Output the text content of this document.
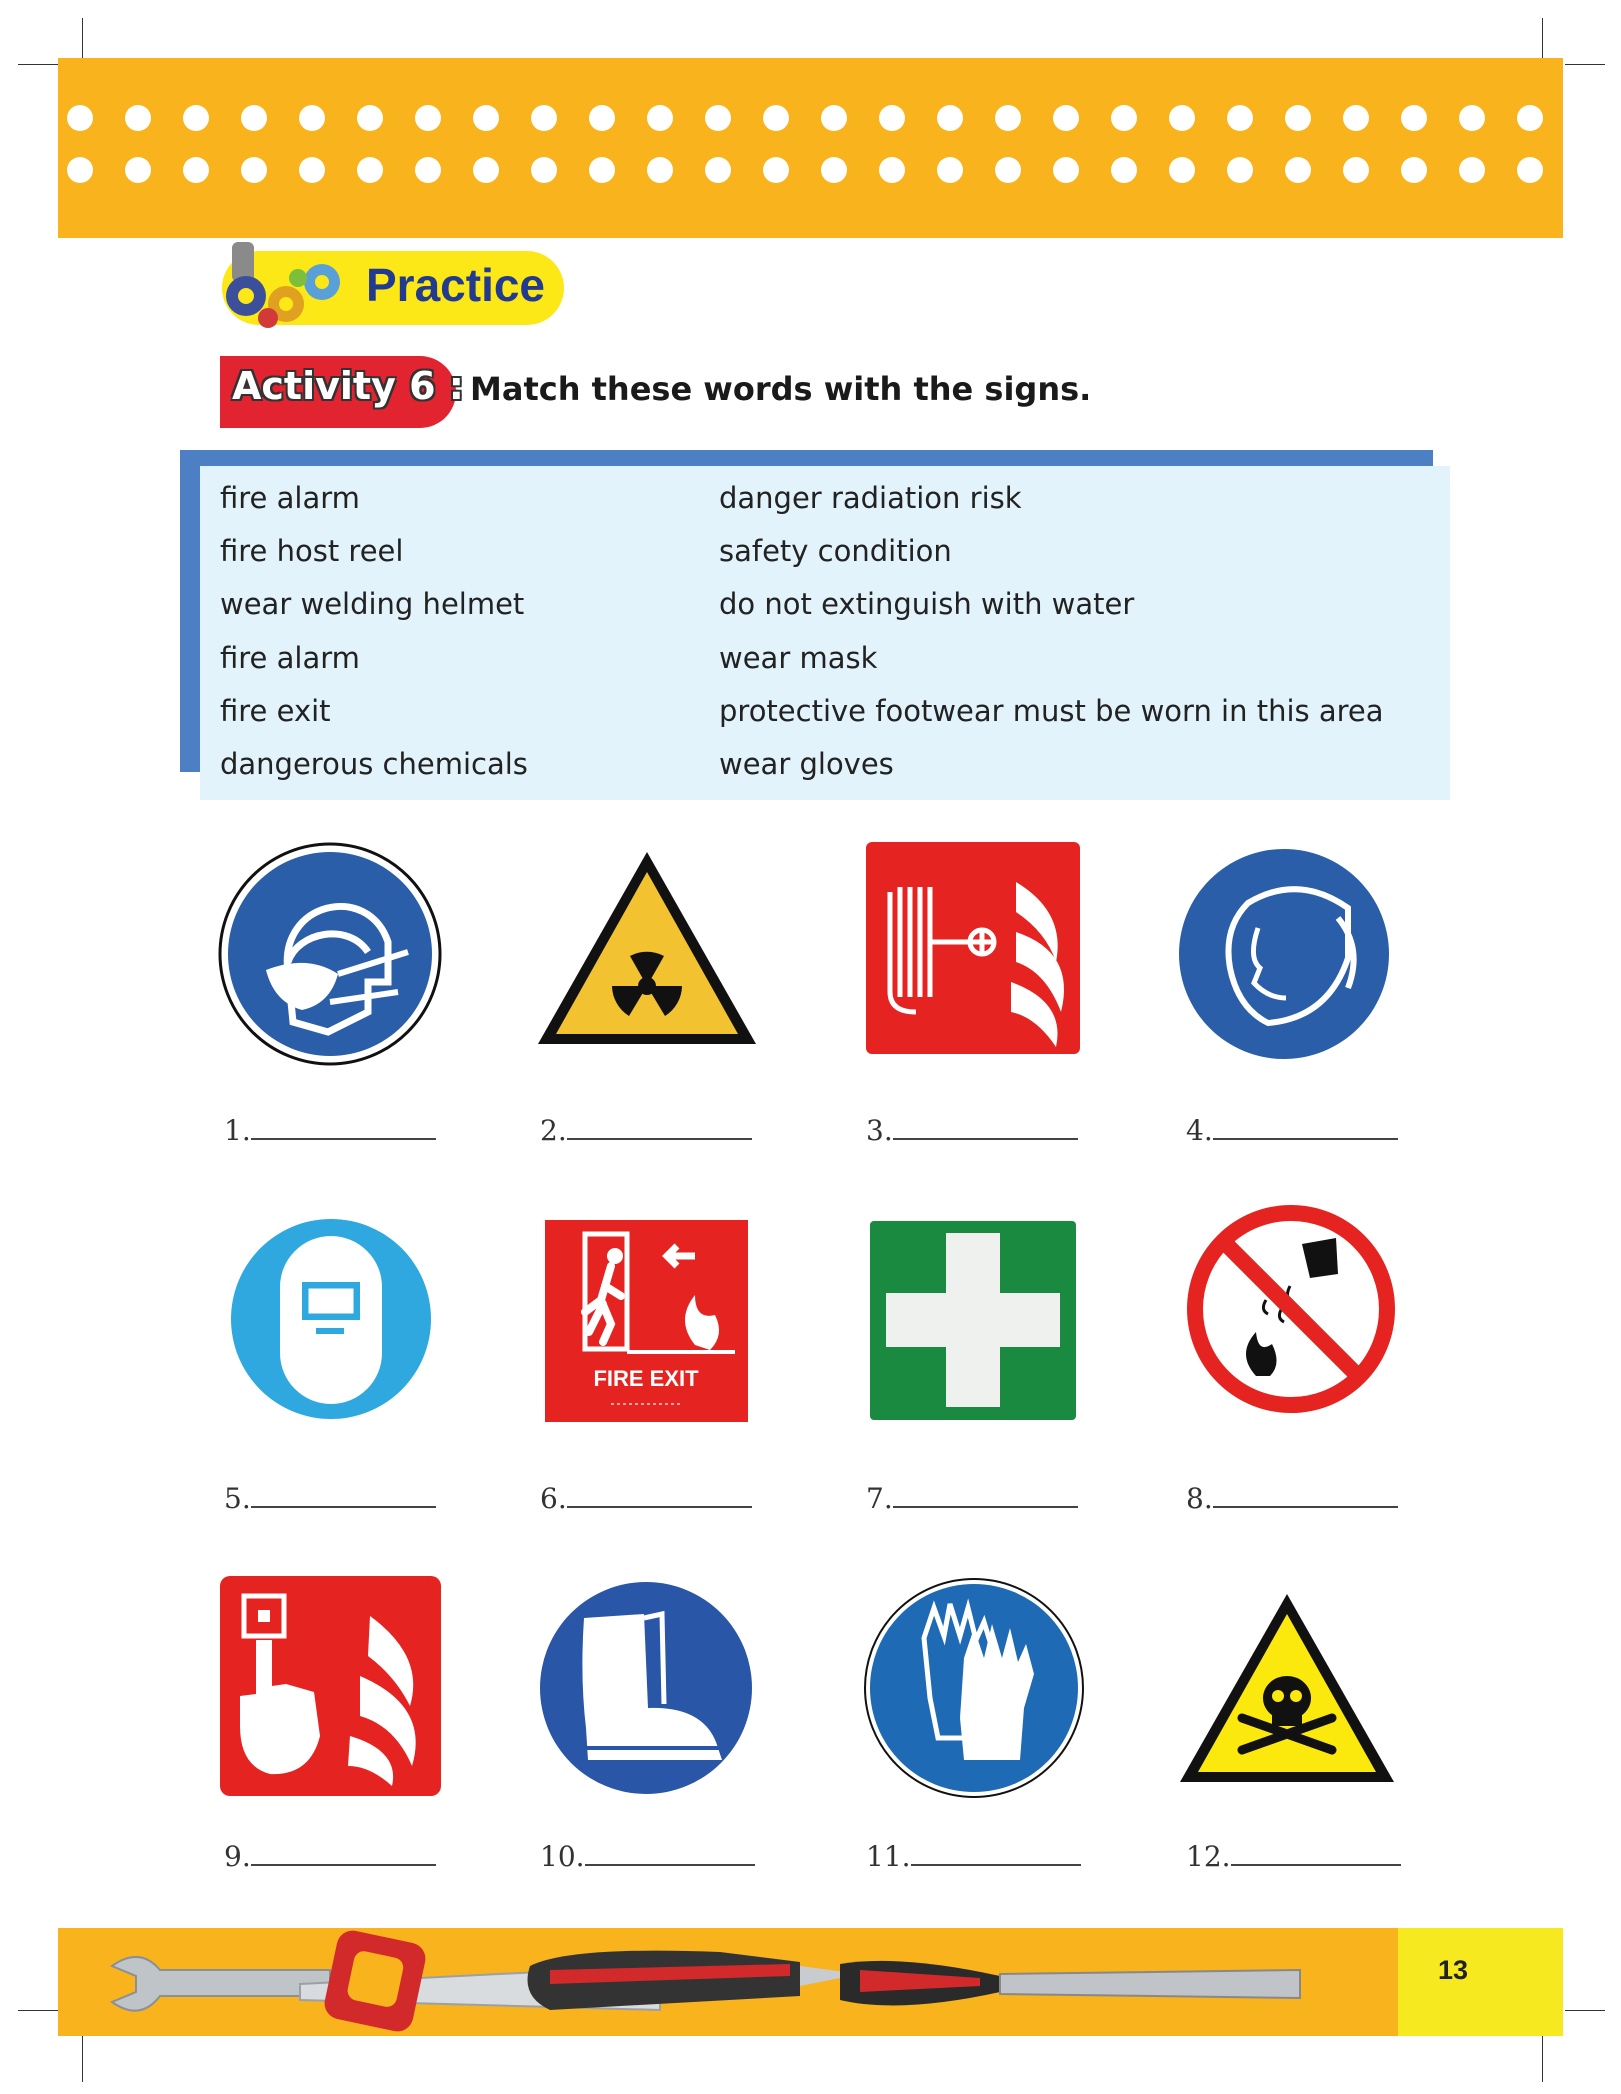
Practice
Activity 6 : Match these words with the signs.
fire alarm
fire host reel
wear welding helmet
fire alarm
fire exit
dangerous chemicals
danger radiation risk
safety condition
do not extinguish with water
wear mask
protective footwear must be worn in this area
wear gloves
1.	2.	3.	4.
FIRE EXIT
5.	6.	7.	8.
9.	10.	11.	12.
13
